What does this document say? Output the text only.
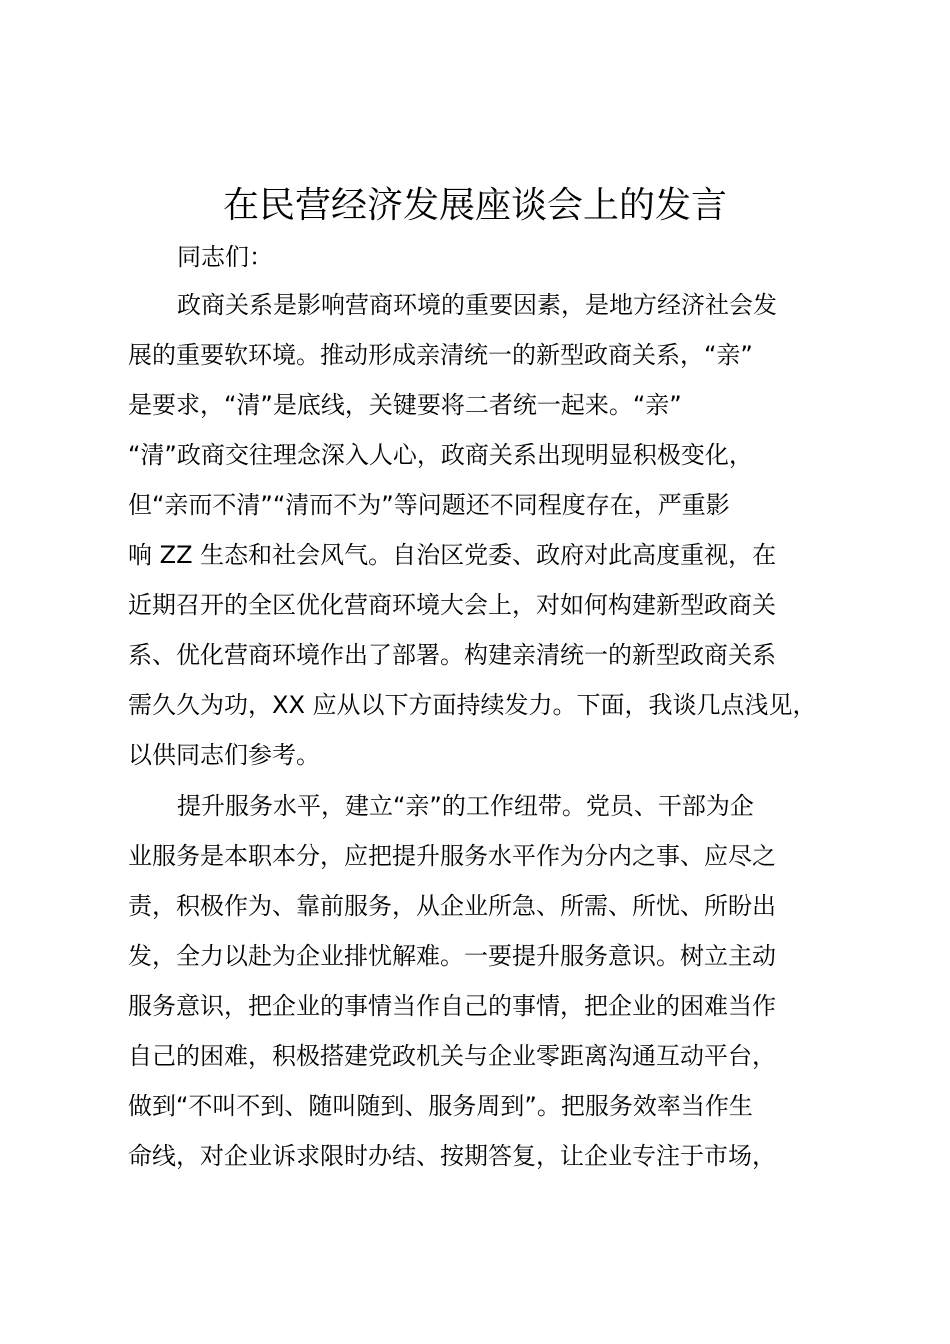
在民营经济发展座谈会上的发言
同志们：
政商关系是影响营商环境的重要因素，是地方经济社会发
展的重要软环境。推动形成亲清统一的新型政商关系，“亲”
是要求，“清”是底线，关键要将二者统一起来。“亲”
“清”政商交往理念深入人心，政商关系出现明显积极变化，
但“亲而不清”“清而不为”等问题还不同程度存在，严重影
响 ZZ 生态和社会风气。自治区党委、政府对此高度重视，在
近期召开的全区优化营商环境大会上，对如何构建新型政商关
系、优化营商环境作出了部署。构建亲清统一的新型政商关系
需久久为功，XX 应从以下方面持续发力。下面，我谈几点浅见，
以供同志们参考。
提升服务水平，建立“亲”的工作纽带。党员、干部为企
业服务是本职本分，应把提升服务水平作为分内之事、应尽之
责，积极作为、靠前服务，从企业所急、所需、所忧、所盼出
发，全力以赴为企业排忧解难。一要提升服务意识。树立主动
服务意识，把企业的事情当作自己的事情，把企业的困难当作
自己的困难，积极搭建党政机关与企业零距离沟通互动平台，
做到“不叫不到、随叫随到、服务周到”。把服务效率当作生
命线，对企业诉求限时办结、按期答复，让企业专注于市场，
